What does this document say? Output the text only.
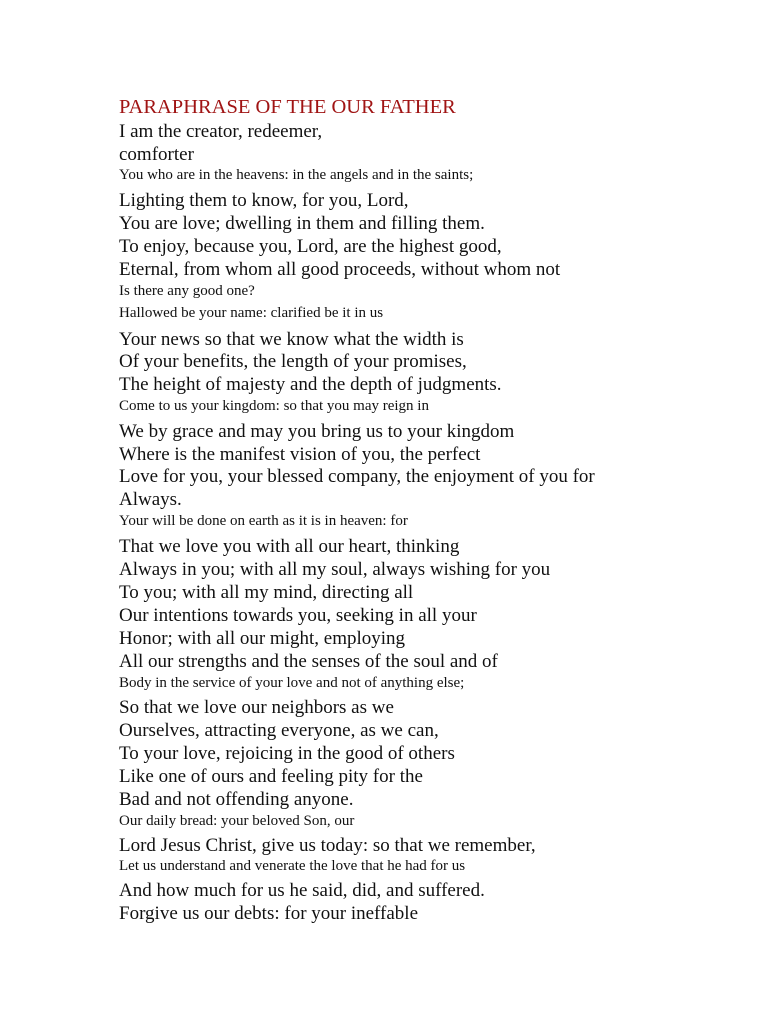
PARAPHRASE OF THE OUR FATHER
I am the creator, redeemer,
comforter
You who are in the heavens: in the angels and in the saints;
Lighting them to know, for you, Lord,
You are love; dwelling in them and filling them.
To enjoy, because you, Lord, are the highest good,
Eternal, from whom all good proceeds, without whom not
Is there any good one?
Hallowed be your name: clarified be it in us
Your news so that we know what the width is
Of your benefits, the length of your promises,
The height of majesty and the depth of judgments.
Come to us your kingdom: so that you may reign in
We by grace and may you bring us to your kingdom
Where is the manifest vision of you, the perfect
Love for you, your blessed company, the enjoyment of you for
Always.
Your will be done on earth as it is in heaven: for
That we love you with all our heart, thinking
Always in you; with all my soul, always wishing for you
To you; with all my mind, directing all
Our intentions towards you, seeking in all your
Honor; with all our might, employing
All our strengths and the senses of the soul and of
Body in the service of your love and not of anything else;
So that we love our neighbors as we
Ourselves, attracting everyone, as we can,
To your love, rejoicing in the good of others
Like one of ours and feeling pity for the
Bad and not offending anyone.
Our daily bread: your beloved Son, our
Lord Jesus Christ, give us today: so that we remember,
Let us understand and venerate the love that he had for us
And how much for us he said, did, and suffered.
Forgive us our debts: for your ineffable
